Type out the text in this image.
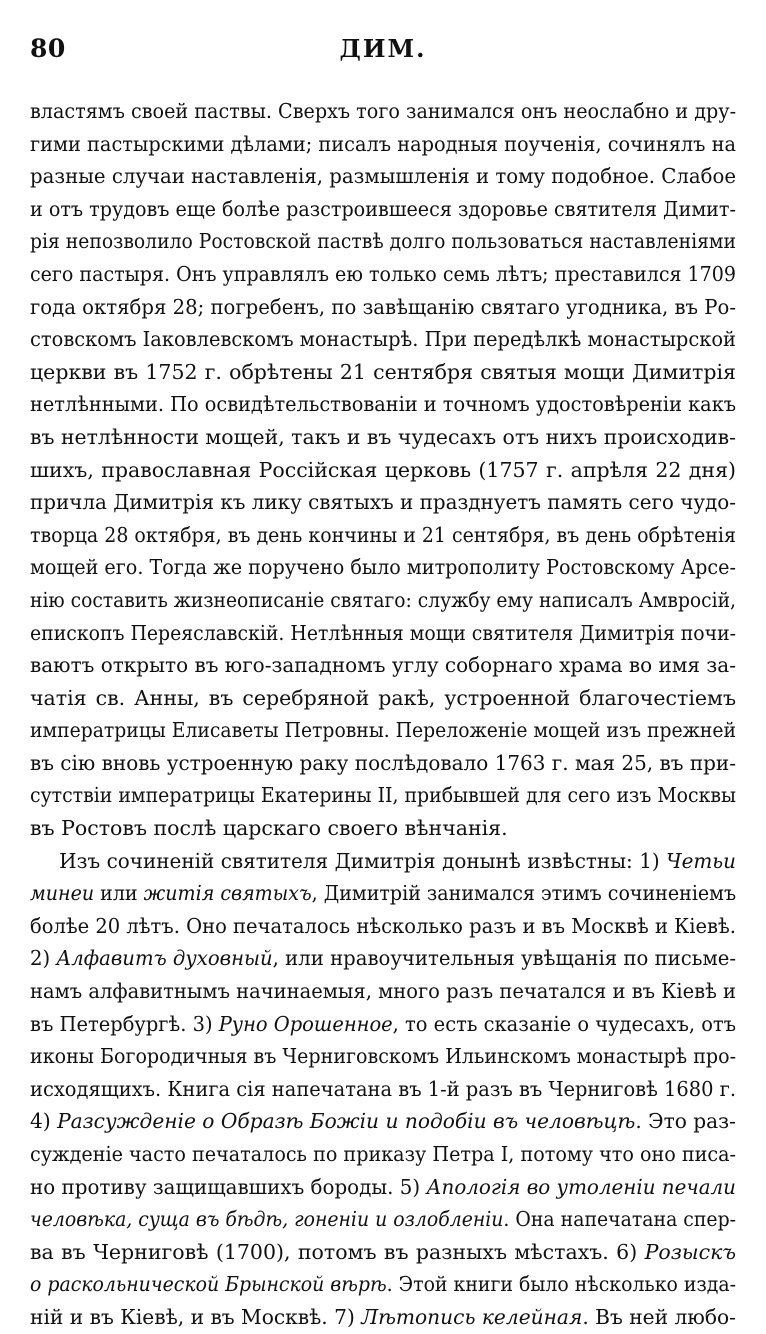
80	ДИМ.
властямъ своей паствы. Сверхъ того занимался онъ неослабно и дру-
гими пастырскими дѣлами; писалъ народныя поученія, сочинялъ на
разные случаи наставленія, размышленія и тому подобное. Слабое
и отъ трудовъ еще болѣе разстроившееся здоровье святителя Димит-
рія непозволило Ростовской паствѣ долго пользоваться наставленіями
сего пастыря. Онъ управлялъ ею только семь лѣтъ; преставился 1709
года октября 28; погребенъ, по завѣщанію святаго угодника, въ Ро-
стовскомъ Іаковлевскомъ монастырѣ. При передѣлкѣ монастырской
церкви въ 1752 г. обрѣтены 21 сентября святыя мощи Димитрія
нетлѣнными. По освидѣтельствованіи и точномъ удостовѣреніи какъ
въ нетлѣнности мощей, такъ и въ чудесахъ отъ нихъ происходив-
шихъ, православная Россійская церковь (1757 г. апрѣля 22 дня)
причла Димитрія къ лику святыхъ и празднуетъ память сего чудо-
творца 28 октября, въ день кончины и 21 сентября, въ день обрѣтенія
мощей его. Тогда же поручено было митрополиту Ростовскому Арсе-
нію составить жизнеописаніе святаго: службу ему написалъ Амвросій,
епископъ Переяславскій. Нетлѣнныя мощи святителя Димитрія почи-
ваютъ открыто въ юго-западномъ углу соборнаго храма во имя за-
чатія св. Анны, въ серебряной ракѣ, устроенной благочестіемъ
императрицы Елисаветы Петровны. Переложеніе мощей изъ прежней
въ сію вновь устроенную раку послѣдовало 1763 г. мая 25, въ при-
сутствіи императрицы Екатерины II, прибывшей для сего изъ Москвы
въ Ростовъ послѣ царскаго своего вѣнчанія.
Изъ сочиненій святителя Димитрія донынѣ извѣстны: 1) Четьи
минеи или житія святыхъ, Димитрій занимался этимъ сочиненіемъ
болѣе 20 лѣтъ. Оно печаталось нѣсколько разъ и въ Москвѣ и Кіевѣ.
2) Алфавитъ духовный, или нравоучительныя увѣщанія по письме-
намъ алфавитнымъ начинаемыя, много разъ печатался и въ Кіевѣ и
въ Петербургѣ. 3) Руно Орошенное, то есть сказаніе о чудесахъ, отъ
иконы Богородичныя въ Черниговскомъ Ильинскомъ монастырѣ про-
исходящихъ. Книга сія напечатана въ 1-й разъ въ Черниговѣ 1680 г.
4) Разсужденіе о Образѣ Божіи и подобіи въ человѣцѣ. Это раз-
сужденіе часто печаталось по приказу Петра I, потому что оно писа-
но противу защищавшихъ бороды. 5) Апологія во утоленіи печали
человѣка, суща въ бѣдѣ, гоненіи и озлобленіи. Она напечатана спер-
ва въ Черниговѣ (1700), потомъ въ разныхъ мѣстахъ. 6) Розыскъ
о раскольнической Брынской вѣрѣ. Этой книги было нѣсколько изда-
ній и въ Кіевѣ, и въ Москвѣ. 7) Лѣтопись келейная. Въ ней любо-
